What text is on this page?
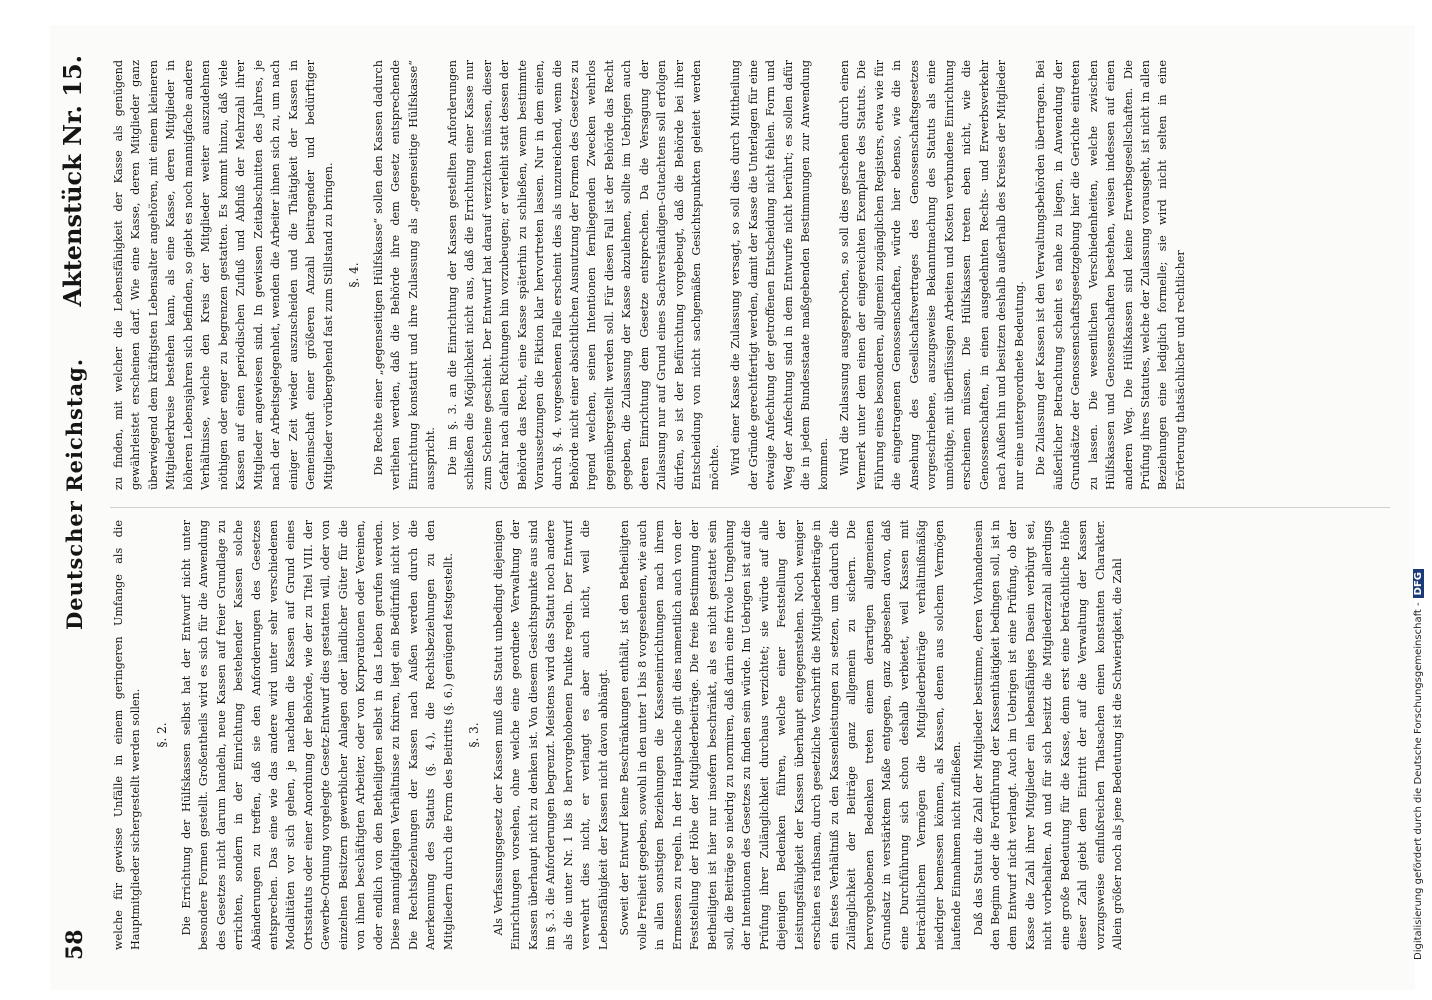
58
Deutscher Reichstag.
Aktenstück Nr. 15.

welche für gewisse Unfälle in einem geringeren Umfange als die Hauptmitglieder sichergestellt werden sollen. §. 2. Die Errichtung der Hülfskassen selbst hat der Entwurf nicht unter besondere Formen gestellt. Großentheils wird es sich für die Anwendung des Gesetzes nicht darum handeln, neue Kassen auf freier Grundlage zu errichten, sondern in der Einrichtung bestehender Kassen solche Abänderungen zu treffen, daß sie den Anforderungen des Gesetzes entsprechen. Das eine wie das andere wird unter sehr verschiedenen Modalitäten vor sich gehen, je nachdem die Kassen auf Grund eines Ortsstatuts oder einer Anordnung der Behörde, wie der zu Titel VIII. der Gewerbe-Ordnung vorgelegte Gesetz-Entwurf dies gestatten will, oder von einzelnen Besitzern gewerblicher Anlagen oder ländlicher Güter für die von ihnen beschäftigten Arbeiter, oder von Korporationen oder Vereinen, oder endlich von den Betheiligten selbst in das Leben gerufen werden. Diese mannigfaltigen Verhältnisse zu fixiren, liegt ein Bedürfniß nicht vor. Die Rechtsbeziehungen der Kassen nach Außen werden durch die Anerkennung des Statuts (§. 4.), die Rechtsbeziehungen zu den Mitgliedern durch die Form des Beitritts (§. 6.) genügend festgestellt. §. 3. Als Verfassungsgesetz der Kassen muß das Statut unbedingt diejenigen Einrichtungen vorsehen, ohne welche eine geordnete Verwaltung der Kassen überhaupt nicht zu denken ist. Von diesem Gesichtspunkte aus sind im §. 3. die Anforderungen begrenzt. Meistens wird das Statut noch andere als die unter Nr. 1 bis 8 hervorgehobenen Punkte regeln. Der Entwurf verwehrt dies nicht, er verlangt es aber auch nicht, weil die Lebensfähigkeit der Kassen nicht davon abhängt. Soweit der Entwurf keine Beschränkungen enthält, ist den Betheiligten volle Freiheit gegeben, sowohl in den unter 1 bis 8 vorgesehenen, wie auch in allen sonstigen Beziehungen die Kasseneinrichtungen nach ihrem Ermessen zu regeln. In der Hauptsache gilt dies namentlich auch von der Feststellung der Höhe der Mitgliederbeiträge. Die freie Bestimmung der Betheiligten ist hier nur insofern beschränkt, als es nicht gestattet sein soll, die Beiträge so niedrig zu normiren, daß darin eine frivole Umgehung der Intentionen des Gesetzes zu finden sein würde. Im Uebrigen ist auf die Prüfung ihrer Zulänglichkeit durchaus verzichtet; sie würde auf alle diejenigen Bedenken führen, welche einer Feststellung der Leistungsfähigkeit der Kassen überhaupt entgegenstehen. Noch weniger erschien es rathsam, durch gesetzliche Vorschrift die Mitgliederbeiträge in ein festes Verhältniß zu den Kassenleistungen zu setzen, um dadurch die Zulänglichkeit der Beiträge ganz allgemein zu sichern. Die hervorgehobenen Bedenken treten einem derartigen allgemeinen Grundsatz in verstärktem Maße entgegen, ganz abgesehen davon, daß eine Durchführung sich schon deshalb verbietet, weil Kassen mit beträchtlichem Vermögen die Mitgliederbeiträge verhältnißmäßig niedriger bemessen können, als Kassen, denen aus solchem Vermögen laufende Einnahmen nicht zufließen. Daß das Statut die Zahl der Mitglieder bestimme, deren Vorhandensein den Beginn oder die Fortführung der Kassenthätigkeit bedingen soll, ist in dem Entwurf nicht verlangt. Auch im Uebrigen ist eine Prüfung, ob der Kasse die Zahl ihrer Mitglieder ein lebensfähiges Dasein verbürgt sei, nicht vorbehalten. An und für sich besitzt die Mitgliederzahl allerdings eine große Bedeutung für die Kasse, denn erst eine beträchtliche Höhe dieser Zahl giebt dem Eintritt der auf die Verwaltung der Kassen vorzugsweise einflußreichen Thatsachen einen konstanten Charakter. Allein größer noch als jene Bedeutung ist die Schwierigkeit, die Zahl

zu finden, mit welcher die Lebensfähigkeit der Kasse als genügend gewährleistet erscheinen darf. Wie eine Kasse, deren Mitglieder ganz überwiegend dem kräftigsten Lebensalter angehören, mit einem kleineren Mitgliederkreise bestehen kann, als eine Kasse, deren Mitglieder in höheren Lebensjahren sich befinden, so giebt es noch mannigfache andere Verhältnisse, welche den Kreis der Mitglieder weiter auszudehnen nöthigen oder enger zu begrenzen gestatten. Es kommt hinzu, daß viele Kassen auf einen periodischen Zufluß und Abfluß der Mehrzahl ihrer Mitglieder angewiesen sind. In gewissen Zeitabschnitten des Jahres, je nach der Arbeitsgelegenheit, wenden die Arbeiter ihnen sich zu, um nach einiger Zeit wieder auszuscheiden und die Thätigkeit der Kassen in Gemeinschaft einer größeren Anzahl beitragender und bedürftiger Mitglieder vorübergehend fast zum Stillstand zu bringen. §. 4. Die Rechte einer „gegenseitigen Hülfskasse“ sollen den Kassen dadurch verliehen werden, daß die Behörde ihre dem Gesetz entsprechende Einrichtung konstatirt und ihre Zulassung als „gegenseitige Hülfskasse“ ausspricht. Die im §. 3. an die Einrichtung der Kassen gestellten Anforderungen schließen die Möglichkeit nicht aus, daß die Errichtung einer Kasse nur zum Scheine geschieht. Der Entwurf hat darauf verzichten müssen, dieser Gefahr nach allen Richtungen hin vorzubeugen; er verleiht statt dessen der Behörde das Recht, eine Kasse späterhin zu schließen, wenn bestimmte Voraussetzungen die Fiktion klar hervortreten lassen. Nur in dem einen, durch §. 4. vorgesehenen Falle erscheint dies als unzureichend, wenn die Behörde nicht einer absichtlichen Ausnutzung der Formen des Gesetzes zu irgend welchen, seinen Intentionen fernliegenden Zwecken wehrlos gegenübergestellt werden soll. Für diesen Fall ist der Behörde das Recht gegeben, die Zulassung der Kasse abzulehnen, sollte im Uebrigen auch deren Einrichtung dem Gesetze entsprechen. Da die Versagung der Zulassung nur auf Grund eines Sachverständigen-Gutachtens soll erfolgen dürfen, so ist der Befürchtung vorgebeugt, daß die Behörde bei ihrer Entscheidung von nicht sachgemäßen Gesichtspunkten geleitet werden möchte. Wird einer Kasse die Zulassung versagt, so soll dies durch Mittheilung der Gründe gerechtfertigt werden, damit der Kasse die Unterlagen für eine etwaige Anfechtung der getroffenen Entscheidung nicht fehlen. Form und Weg der Anfechtung sind in dem Entwurfe nicht berührt; es sollen dafür die in jedem Bundesstaate maßgebenden Bestimmungen zur Anwendung kommen. Wird die Zulassung ausgesprochen, so soll dies geschehen durch einen Vermerk unter dem einen der eingereichten Exemplare des Statuts. Die Führung eines besonderen, allgemein zugänglichen Registers, etwa wie für die eingetragenen Genossenschaften, würde hier ebenso, wie die in Ansehung des Gesellschaftsvertrages des Genossenschaftsgesetzes vorgeschriebene, auszugsweise Bekanntmachung des Statuts als eine unnöthige, mit überflüssigen Arbeiten und Kosten verbundene Einrichtung erscheinen müssen. Die Hülfskassen treten eben nicht, wie die Genossenschaften, in einen ausgedehnten Rechts- und Erwerbsverkehr nach Außen hin und besitzen deshalb außerhalb des Kreises der Mitglieder nur eine untergeordnete Bedeutung. Die Zulassung der Kassen ist den Verwaltungsbehörden übertragen. Bei äußerlicher Betrachtung scheint es nahe zu liegen, in Anwendung der Grundsätze der Genossenschaftsgesetzgebung hier die Gerichte eintreten zu lassen. Die wesentlichen Verschiedenheiten, welche zwischen Hülfskassen und Genossenschaften bestehen, weisen indessen auf einen anderen Weg. Die Hülfskassen sind keine Erwerbsgesellschaften. Die Prüfung ihres Statutes, welche der Zulassung vorausgeht, ist nicht in allen Beziehungen eine lediglich formelle; sie wird nicht selten in eine Erörterung thatsächlicher und rechtlicher

Digitalisierung gefördert durch die Deutsche Forschungsgemeinschaft -DFG
